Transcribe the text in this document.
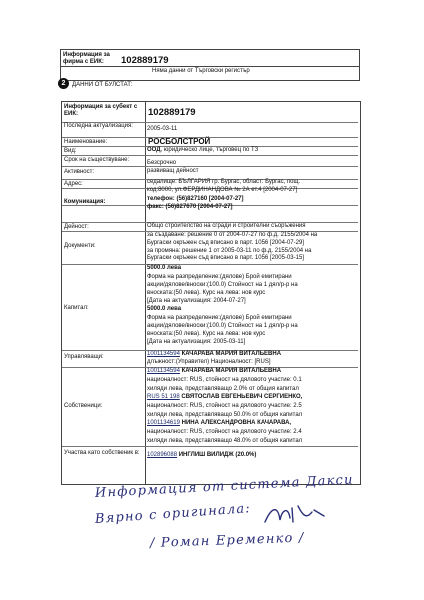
Информация за фирма с ЕИК:	102889179
Няма данни от Търговски регистър
2	ДАННИ ОТ БУЛСТАТ:
Информация за субект с ЕИК:	102889179
Последна актуализация:	2005-03-11
Наименование:	РОСБОЛСТРОЙ
Вид:	ООД, юридическо лице, търговец по ТЗ
Срок на съществуване:	Безсрочно
Активност:	развиващ дейност
Адрес:	седалище: БЪЛГАРИЯ гр. Бургас, област: Бургас, пощ.
код:8000, ул.ФЕРДИНАНДОВА № 2А ет.4 [2004-07-27]
Комуникация:	телефон: (56)827160 [2004-07-27]
факс: (56)827670 [2004-07-27]
Дейност:	Общо строителство на сгради и строителни съоръжения
Документи:
за създаване: решение 0 от 2004-07-27 по ф.д. 2155/2004 на
Бургаски окръжен съд вписано в парт. 1056 [2004-07-29]
за промяна: решение 1 от 2005-03-11 по ф.д. 2155/2004 на
Бургаски окръжен съд вписано в парт. 1056 [2005-03-15]
Капитал:
5000.0 лева
Форма на разпределение:(дялове) Брой емитирани
акции/дялове/вноски:(100.0) Стойност на 1 дял/р-р на
вноската:(50 лева). Курс на лева: нов курс
[Дата на актуализация: 2004-07-27]
5000.0 лева
Форма на разпределение:(дялове) Брой емитирани
акции/дялове/вноски:(100.0) Стойност на 1 дял/р-р на
вноската:(50 лева). Курс на лева: нов курс
[Дата на актуализация: 2005-03-11]
Управляващи:	1001134594 КАЧАРАВА МАРИЯ ВИТАЛЬЕВНА
длъжност:(Управител) Националност: [RUS]
Собственици:
1001134594 КАЧАРАВА МАРИЯ ВИТАЛЬЕВНА
националност: RUS, стойност на дяловото участие: 0.1
хиляди лева, представляващо 2.0% от общия капитал
RUS 51 198 СВЯТОСЛАВ ЕВГЕНЬЕВИЧ СЕРГИЕНКО,
националност: RUS, стойност на дяловото участие: 2.5
хиляди лева, представляващо 50.0% от общия капитал
1001134619 НИНА АЛЕКСАНДРОВНА КАЧАРАВА,
националност: RUS, стойност на дяловото участие: 2.4
хиляди лева, представляващо 48.0% от общия капитал
Участва като собственик в:	102896088 ИНГЛИШ ВИЛИДЖ (20.0%)
Информация от система Дакси
Вярно с оригинала:
/ Роман Еременко /
